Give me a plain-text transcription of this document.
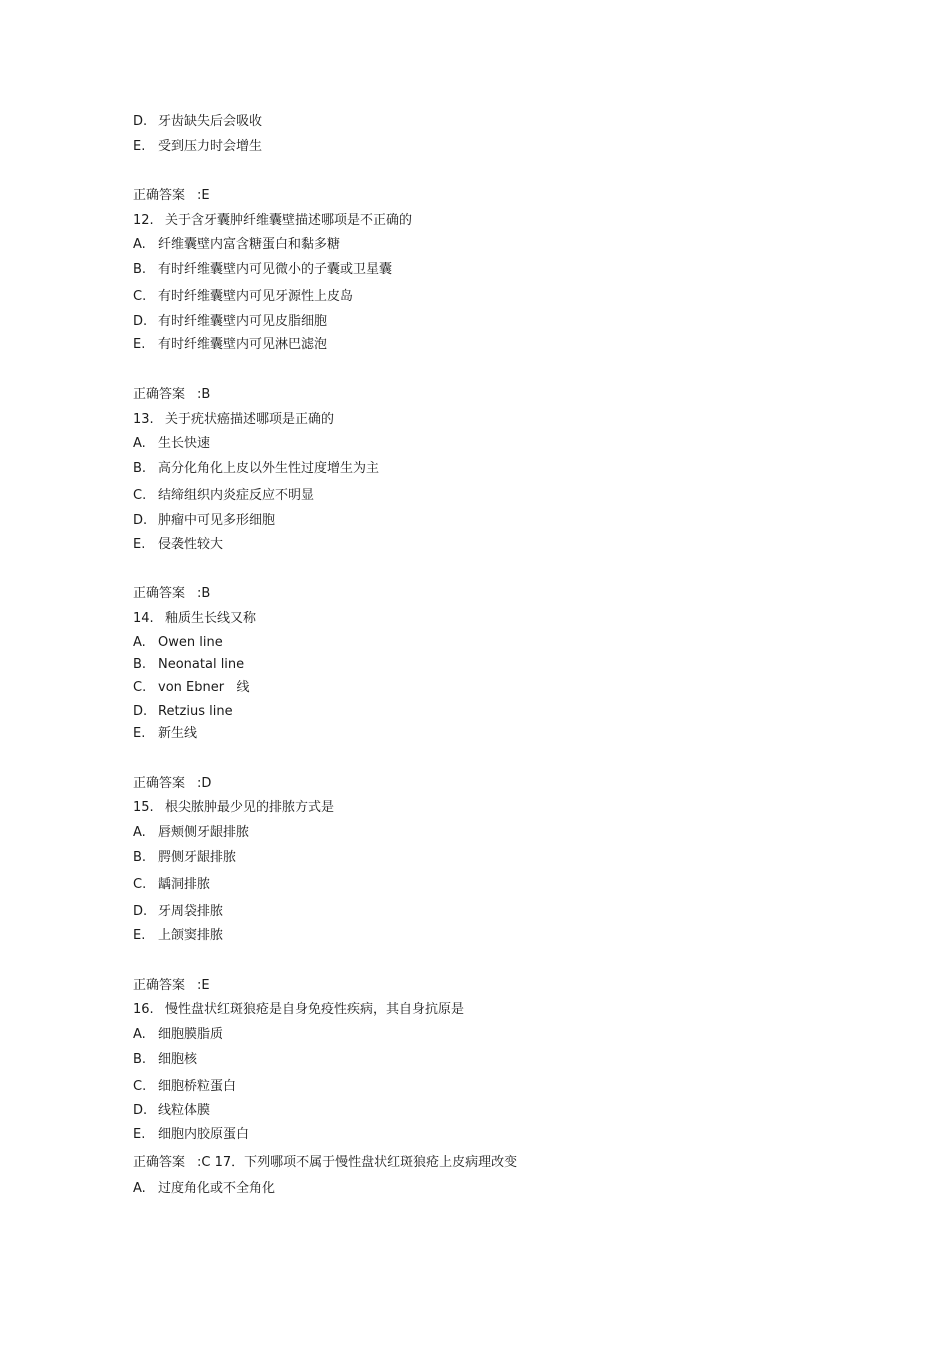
D. 牙齿缺失后会吸收
E. 受到压力时会增生
正确答案 :E
12. 关于含牙囊肿纤维囊壁描述哪项是不正确的
A. 纤维囊壁内富含糖蛋白和黏多糖
B. 有时纤维囊壁内可见微小的子囊或卫星囊
C. 有时纤维囊壁内可见牙源性上皮岛
D. 有时纤维囊壁内可见皮脂细胞
E. 有时纤维囊壁内可见淋巴滤泡
正确答案 :B
13. 关于疣状癌描述哪项是正确的
A. 生长快速
B. 高分化角化上皮以外生性过度增生为主
C. 结缔组织内炎症反应不明显
D. 肿瘤中可见多形细胞
E. 侵袭性较大
正确答案 :B
14. 釉质生长线又称
A. Owen line
B. Neonatal line
C. von Ebner   线
D. Retzius line
E. 新生线
正确答案 :D
15. 根尖脓肿最少见的排脓方式是
A. 唇颊侧牙龈排脓
B. 腭侧牙龈排脓
C. 龋洞排脓
D. 牙周袋排脓
E. 上颌窦排脓
正确答案 :E
16. 慢性盘状红斑狼疮是自身免疫性疾病，其自身抗原是
A. 细胞膜脂质
B. 细胞核
C. 细胞桥粒蛋白
D. 线粒体膜
E. 细胞内胶原蛋白
正确答案 :C 17．下列哪项不属于慢性盘状红斑狼疮上皮病理改变
A. 过度角化或不全角化
